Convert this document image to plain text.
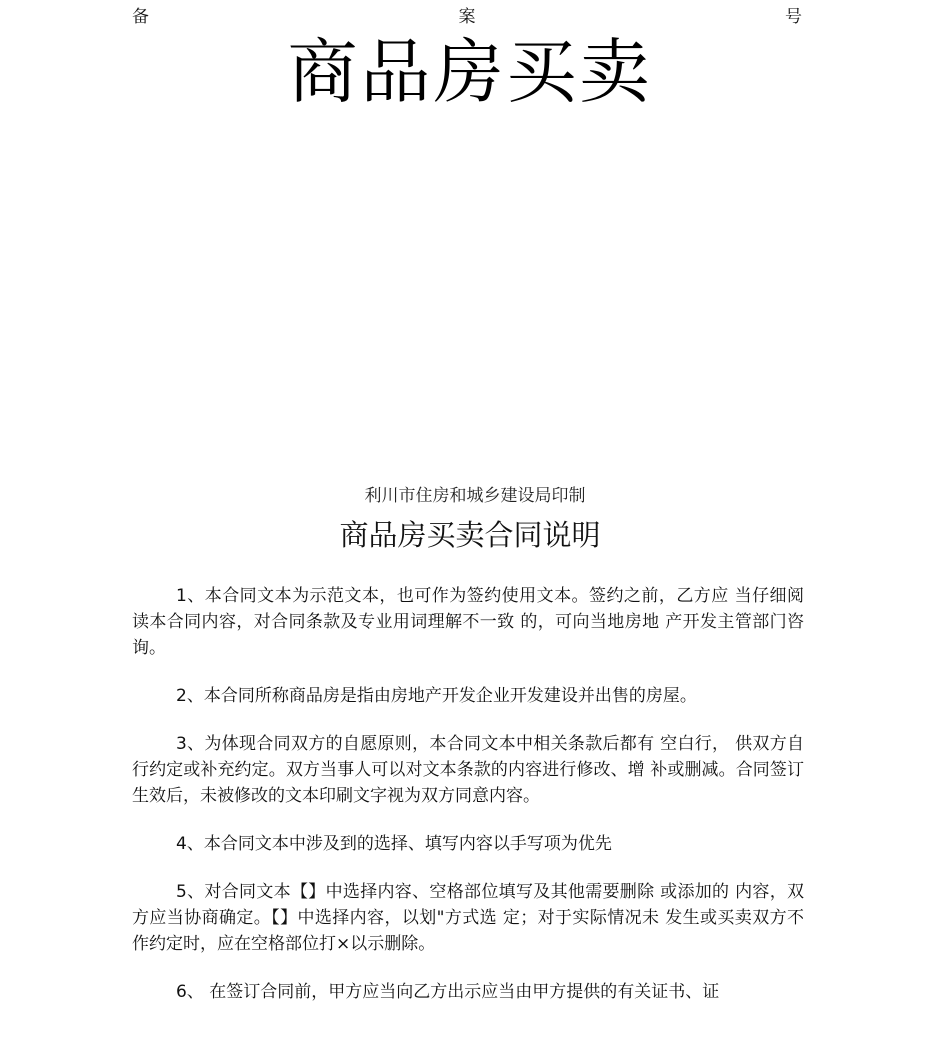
备	案	号
商品房买卖
利川市住房和城乡建设局印制
商品房买卖合同说明

1、本合同文本为示范文本，也可作为签约使用文本。签约之前，乙方应 当仔细阅读本合同内容，对合同条款及专业用词理解不一致 的，可向当地房地 产开发主管部门咨询。

2、本合同所称商品房是指由房地产开发企业开发建设并出售的房屋。

3、为体现合同双方的自愿原则，本合同文本中相关条款后都有 空白行， 供双方自行约定或补充约定。双方当事人可以对文本条款的内容进行修改、增 补或删减。合同签订生效后，未被修改的文本印刷文字视为双方同意内容。

4、本合同文本中涉及到的选择、填写内容以手写项为优先

5、对合同文本【】中选择内容、空格部位填写及其他需要删除 或添加的 内容，双方应当协商确定。【】中选择内容，以划"方式选 定；对于实际情况未 发生或买卖双方不作约定时，应在空格部位打×以示删除。

6、 在签订合同前，甲方应当向乙方出示应当由甲方提供的有关证书、证
